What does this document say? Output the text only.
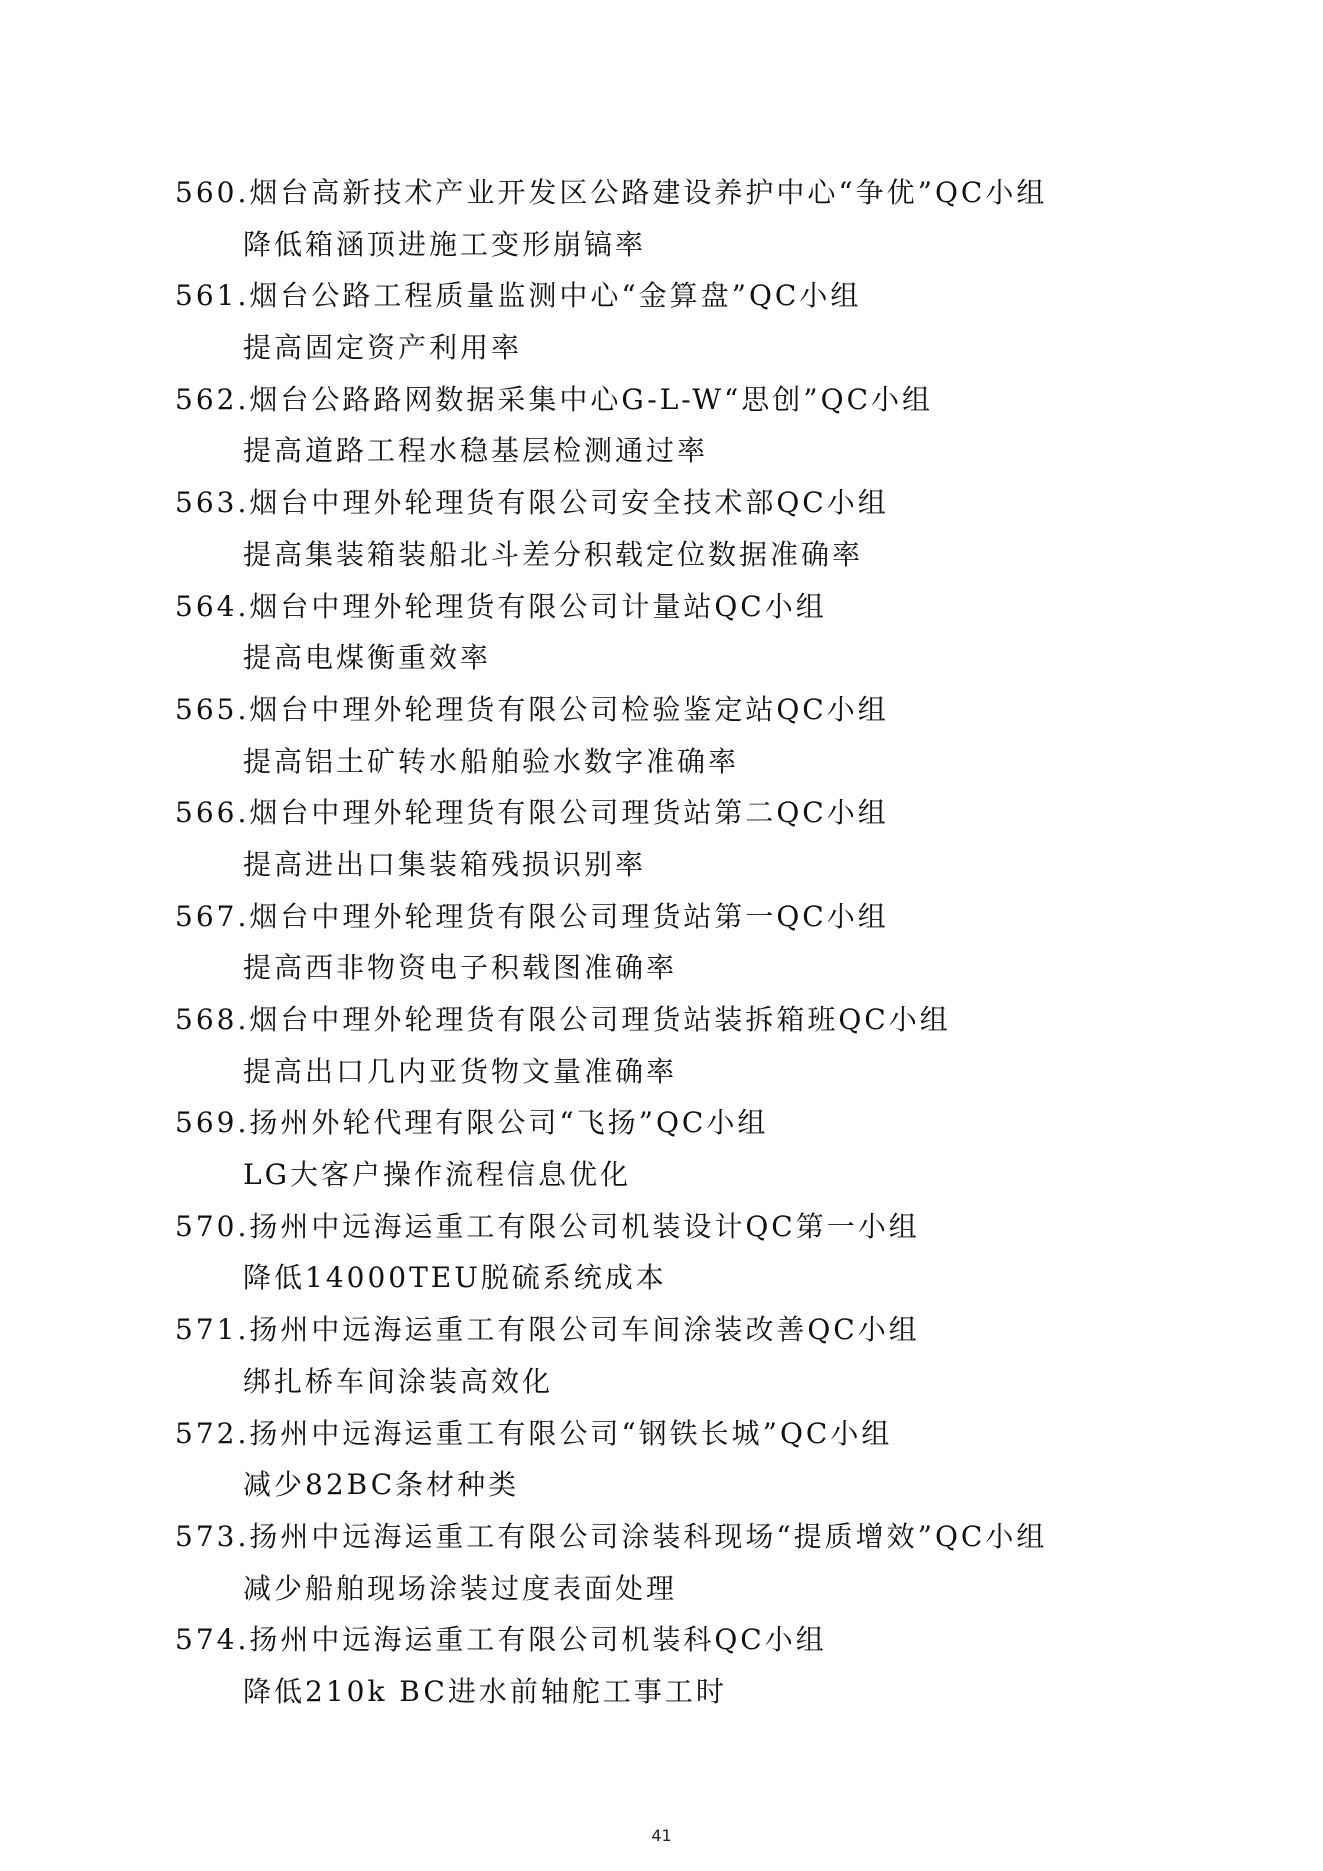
560.烟台高新技术产业开发区公路建设养护中心“争优”QC小组
降低箱涵顶进施工变形崩镐率
561.烟台公路工程质量监测中心“金算盘”QC小组
提高固定资产利用率
562.烟台公路路网数据采集中心G-L-W“思创”QC小组
提高道路工程水稳基层检测通过率
563.烟台中理外轮理货有限公司安全技术部QC小组
提高集装箱装船北斗差分积载定位数据准确率
564.烟台中理外轮理货有限公司计量站QC小组
提高电煤衡重效率
565.烟台中理外轮理货有限公司检验鉴定站QC小组
提高铝土矿转水船舶验水数字准确率
566.烟台中理外轮理货有限公司理货站第二QC小组
提高进出口集装箱残损识别率
567.烟台中理外轮理货有限公司理货站第一QC小组
提高西非物资电子积载图准确率
568.烟台中理外轮理货有限公司理货站装拆箱班QC小组
提高出口几内亚货物文量准确率
569.扬州外轮代理有限公司“飞扬”QC小组
LG大客户操作流程信息优化
570.扬州中远海运重工有限公司机装设计QC第一小组
降低14000TEU脱硫系统成本
571.扬州中远海运重工有限公司车间涂装改善QC小组
绑扎桥车间涂装高效化
572.扬州中远海运重工有限公司“钢铁长城”QC小组
减少82BC条材种类
573.扬州中远海运重工有限公司涂装科现场“提质增效”QC小组
减少船舶现场涂装过度表面处理
574.扬州中远海运重工有限公司机装科QC小组
降低210k BC进水前轴舵工事工时
41
